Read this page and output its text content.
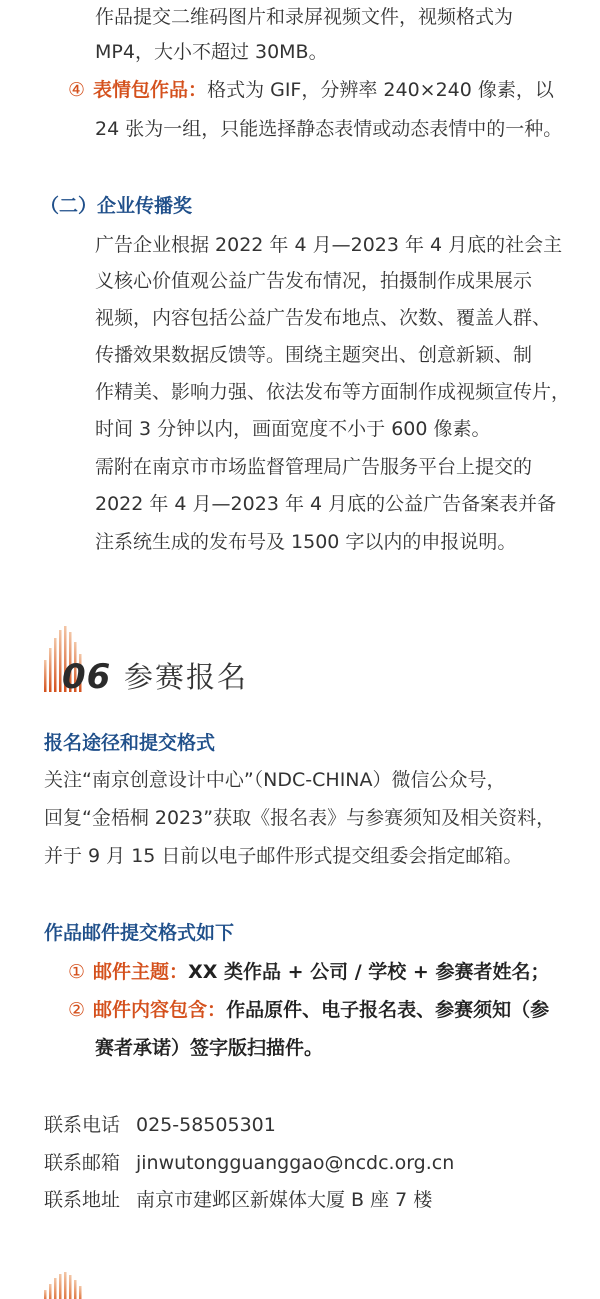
作品提交二维码图片和录屏视频文件，视频格式为
MP4，大小不超过 30MB。
④ 表情包作品：格式为 GIF，分辨率 240×240 像素，以
24 张为一组，只能选择静态表情或动态表情中的一种。
（二）企业传播奖
广告企业根据 2022 年 4 月—2023 年 4 月底的社会主
义核心价值观公益广告发布情况，拍摄制作成果展示
视频，内容包括公益广告发布地点、次数、覆盖人群、
传播效果数据反馈等。围绕主题突出、创意新颖、制
作精美、影响力强、依法发布等方面制作成视频宣传片，
时间 3 分钟以内，画面宽度不小于 600 像素。
需附在南京市市场监督管理局广告服务平台上提交的
2022 年 4 月—2023 年 4 月底的公益广告备案表并备
注系统生成的发布号及 1500 字以内的申报说明。
06 参赛报名
报名途径和提交格式
关注“南京创意设计中心”（NDC-CHINA）微信公众号，
回复“金梧桐 2023”获取《报名表》与参赛须知及相关资料，
并于 9 月 15 日前以电子邮件形式提交组委会指定邮箱。
作品邮件提交格式如下
① 邮件主题：XX 类作品 + 公司 / 学校 + 参赛者姓名；
② 邮件内容包含：作品原件、电子报名表、参赛须知（参
赛者承诺）签字版扫描件。
联系电话 025-58505301
联系邮箱 jinwutongguanggao@ncdc.org.cn
联系地址 南京市建邺区新媒体大厦 B 座 7 楼
